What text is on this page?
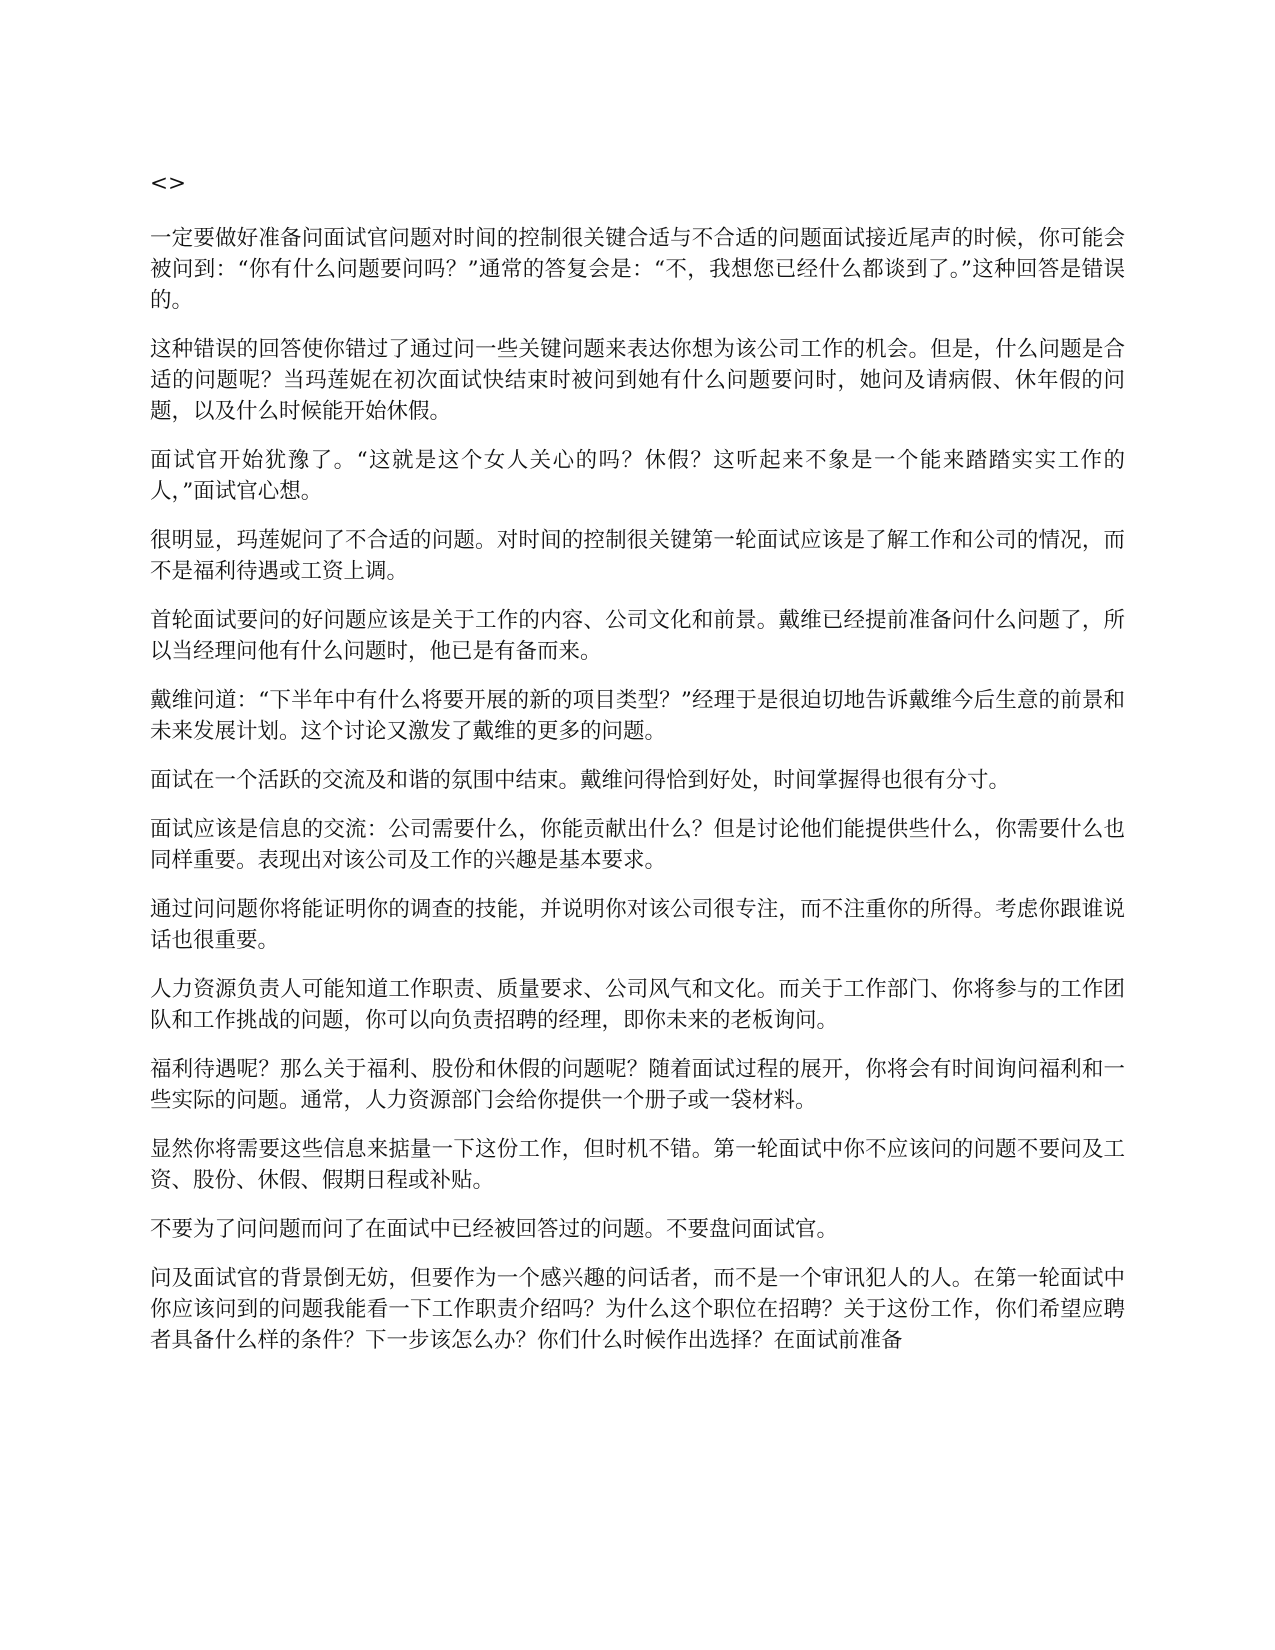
<>

一定要做好准备问面试官问题对时间的控制很关键合适与不合适的问题面试接近尾声的时候，你可能会被问到：“你有什么问题要问吗？”通常的答复会是：“不，我想您已经什么都谈到了。”这种回答是错误的。

这种错误的回答使你错过了通过问一些关键问题来表达你想为该公司工作的机会。但是，什么问题是合适的问题呢？当玛莲妮在初次面试快结束时被问到她有什么问题要问时，她问及请病假、休年假的问题，以及什么时候能开始休假。

面试官开始犹豫了。“这就是这个女人关心的吗？休假？这听起来不象是一个能来踏踏实实工作的人，”面试官心想。

很明显，玛莲妮问了不合适的问题。对时间的控制很关键第一轮面试应该是了解工作和公司的情况，而不是福利待遇或工资上调。

首轮面试要问的好问题应该是关于工作的内容、公司文化和前景。戴维已经提前准备问什么问题了，所以当经理问他有什么问题时，他已是有备而来。

戴维问道：“下半年中有什么将要开展的新的项目类型？”经理于是很迫切地告诉戴维今后生意的前景和未来发展计划。这个讨论又激发了戴维的更多的问题。

面试在一个活跃的交流及和谐的氛围中结束。戴维问得恰到好处，时间掌握得也很有分寸。

面试应该是信息的交流：公司需要什么，你能贡献出什么？但是讨论他们能提供些什么，你需要什么也同样重要。表现出对该公司及工作的兴趣是基本要求。

通过问问题你将能证明你的调查的技能，并说明你对该公司很专注，而不注重你的所得。考虑你跟谁说话也很重要。

人力资源负责人可能知道工作职责、质量要求、公司风气和文化。而关于工作部门、你将参与的工作团队和工作挑战的问题，你可以向负责招聘的经理，即你未来的老板询问。

福利待遇呢？那么关于福利、股份和休假的问题呢？随着面试过程的展开，你将会有时间询问福利和一些实际的问题。通常，人力资源部门会给你提供一个册子或一袋材料。

显然你将需要这些信息来掂量一下这份工作，但时机不错。第一轮面试中你不应该问的问题不要问及工资、股份、休假、假期日程或补贴。

不要为了问问题而问了在面试中已经被回答过的问题。不要盘问面试官。

问及面试官的背景倒无妨，但要作为一个感兴趣的问话者，而不是一个审讯犯人的人。在第一轮面试中你应该问到的问题我能看一下工作职责介绍吗？为什么这个职位在招聘？关于这份工作，你们希望应聘者具备什么样的条件？下一步该怎么办？你们什么时候作出选择？在面试前准备
